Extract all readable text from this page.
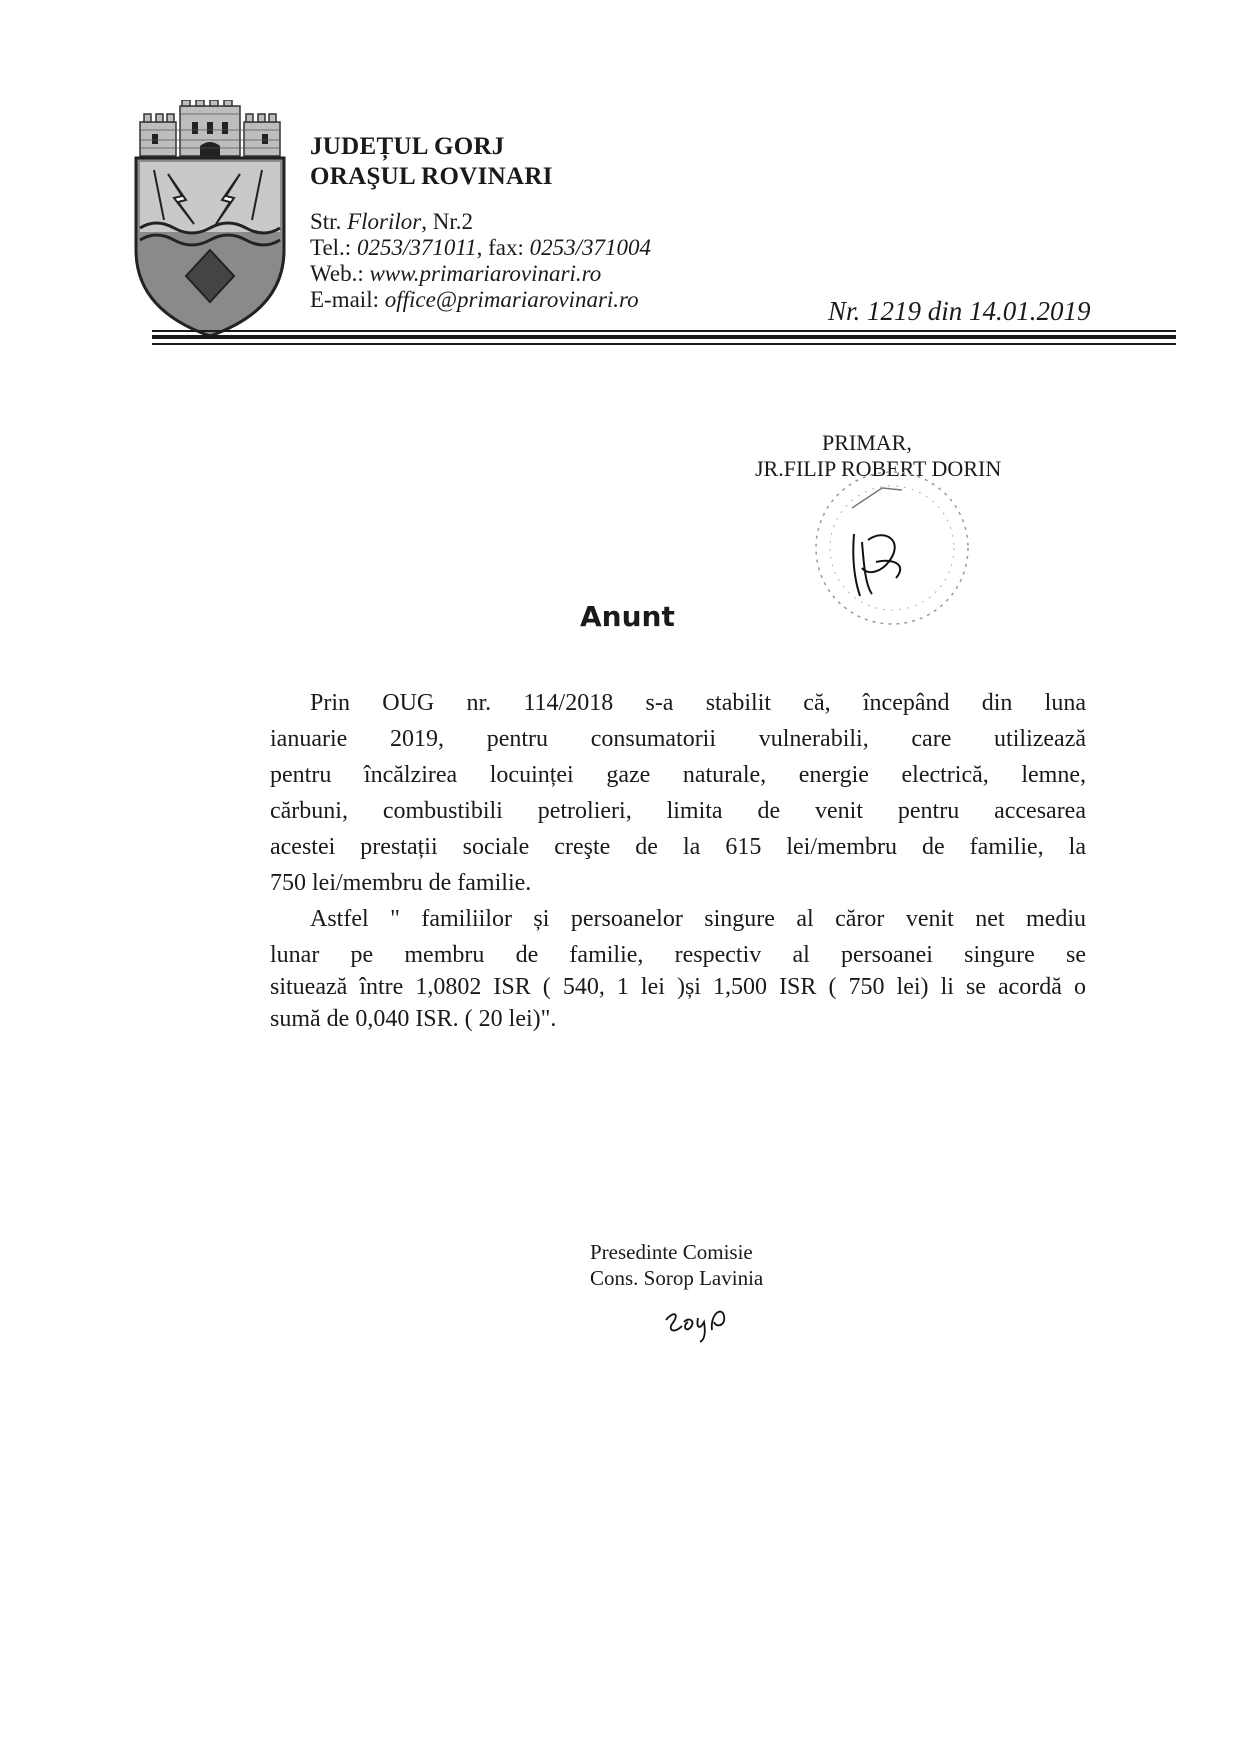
JUDEȚUL GORJ
ORAŞUL ROVINARI
Str. Florilor, Nr.2
Tel.: 0253/371011, fax: 0253/371004
Web.: www.primariarovinari.ro
E-mail: office@primariarovinari.ro	Nr. 1219 din 14.01.2019
PRIMAR,
JR.FILIP ROBERT DORIN
Anunt
Prin OUG nr. 114/2018 s-a stabilit că, începând din luna
ianuarie 2019, pentru consumatorii vulnerabili, care utilizează
pentru încălzirea locuinței gaze naturale, energie electrică, lemne,
cărbuni, combustibili petrolieri, limita de venit pentru accesarea
acestei prestații sociale creşte de la 615 lei/membru de familie, la
750 lei/membru de familie.
Astfel " familiilor și persoanelor singure al căror venit net mediu
lunar pe membru de familie, respectiv al persoanei singure se
situează între 1,0802 ISR ( 540, 1 lei )și 1,500 ISR ( 750 lei) li se acordă o
sumă de 0,040 ISR. ( 20 lei)".
Presedinte Comisie
Cons. Sorop Lavinia
